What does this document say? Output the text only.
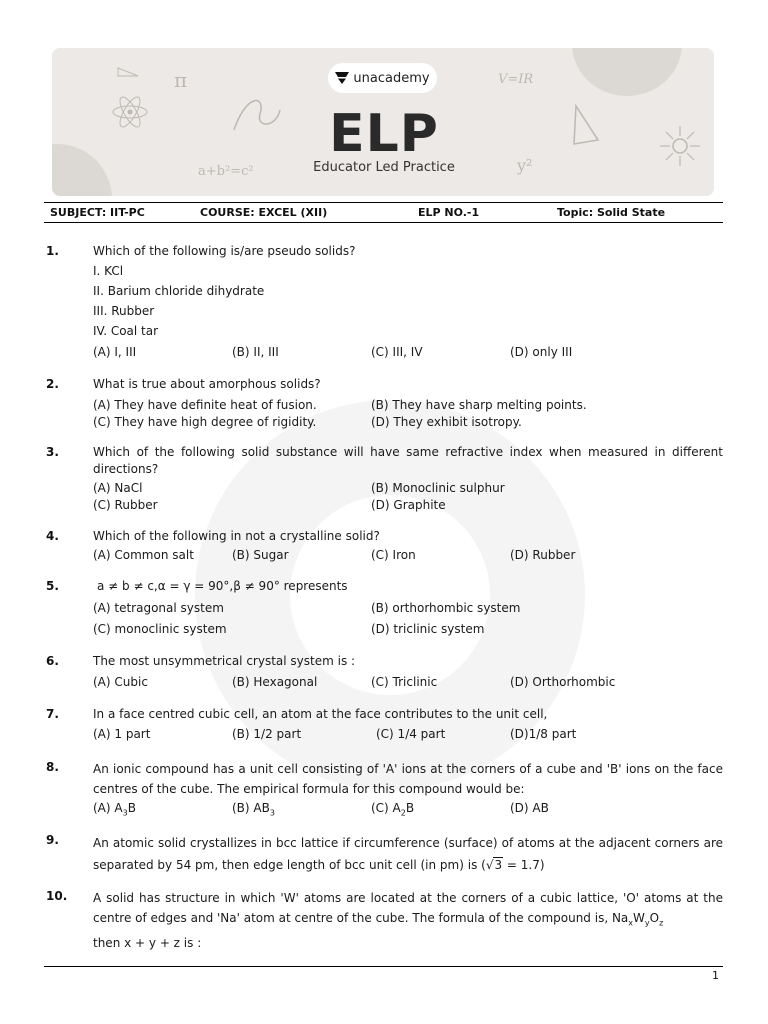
π	V=IR
a+b²=c²	y²
unacademy
ELP
Educator Led Practice
SUBJECT: IIT-PC	COURSE: EXCEL (XII)	ELP NO.-1	Topic: Solid State
1.	Which of the following is/are pseudo solids?
I. KCl
II. Barium chloride dihydrate
III. Rubber
IV. Coal tar
(A) I, III	(B) II, III	(C) III, IV	(D) only III
2.	What is true about amorphous solids?
(A) They have definite heat of fusion.	(B) They have sharp melting points.
(C) They have high degree of rigidity.	(D) They exhibit isotropy.
3.	Which of the following solid substance will have same refractive index when measured in different directions?
(A) NaCl	(B) Monoclinic sulphur
(C) Rubber	(D) Graphite
4.	Which of the following in not a crystalline solid?
(A) Common salt	(B) Sugar	(C) Iron	(D) Rubber
5.	a ≠ b ≠ c,α = γ = 90°,β ≠ 90° represents
(A) tetragonal system	(B) orthorhombic system
(C) monoclinic system	(D) triclinic system
6.	The most unsymmetrical crystal system is :
(A) Cubic	(B) Hexagonal	(C) Triclinic	(D) Orthorhombic
7.	In a face centred cubic cell, an atom at the face contributes to the unit cell,
(A) 1 part	(B) 1/2 part	(C) 1/4 part	(D)1/8 part
8.	An ionic compound has a unit cell consisting of 'A' ions at the corners of a cube and 'B' ions on the face centres of the cube. The empirical formula for this compound would be:
(A) $A_3B$	(B) $AB_3$	(C) $A_2B$	(D) AB
9.	An atomic solid crystallizes in bcc lattice if circumference (surface) of atoms at the adjacent corners are separated by 54 pm, then edge length of bcc unit cell (in pm) is (√3 = 1.7)
10. A solid has structure in which 'W' atoms are located at the corners of a cubic lattice, 'O' atoms at the centre of edges and 'Na' atom at centre of the cube. The formula of the compound is, $Na_xW_yO_z$
then x + y + z is :
1
